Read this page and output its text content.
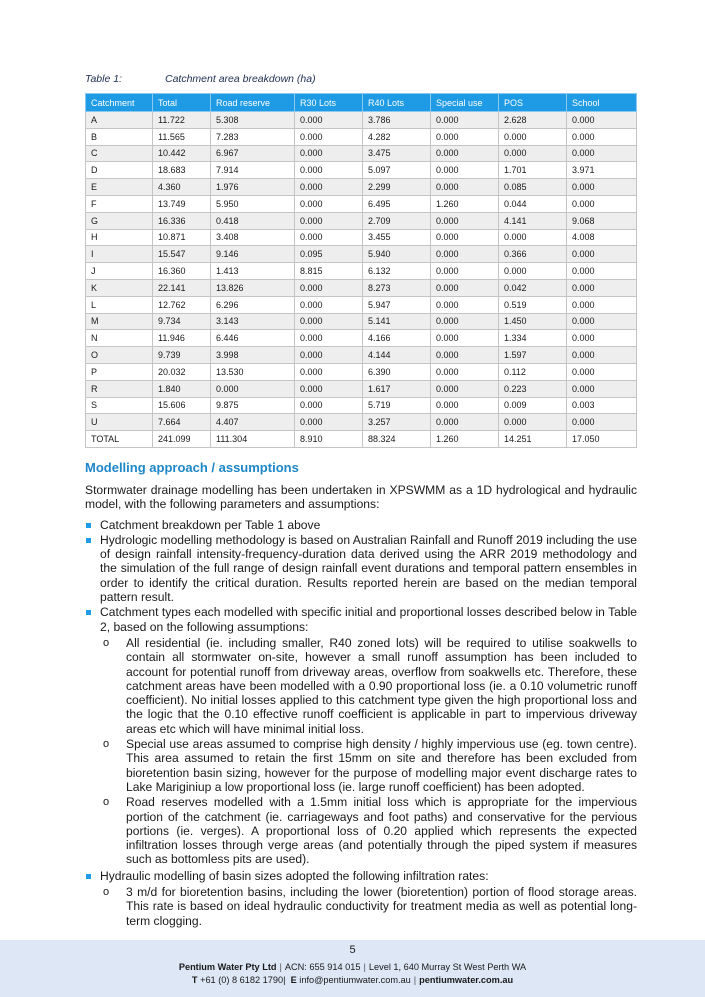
Table 1:	Catchment area breakdown (ha)
Catchment	Total	Road reserve	R30 Lots	R40 Lots	Special use	POS	School
A	11.722	5.308	0.000	3.786	0.000	2.628	0.000
B	11.565	7.283	0.000	4.282	0.000	0.000	0.000
C	10.442	6.967	0.000	3.475	0.000	0.000	0.000
D	18.683	7.914	0.000	5.097	0.000	1.701	3.971
E	4.360	1.976	0.000	2.299	0.000	0.085	0.000
F	13.749	5.950	0.000	6.495	1.260	0.044	0.000
G	16.336	0.418	0.000	2.709	0.000	4.141	9.068
H	10.871	3.408	0.000	3.455	0.000	0.000	4.008
I	15.547	9.146	0.095	5.940	0.000	0.366	0.000
J	16.360	1.413	8.815	6.132	0.000	0.000	0.000
K	22.141	13.826	0.000	8.273	0.000	0.042	0.000
L	12.762	6.296	0.000	5.947	0.000	0.519	0.000
M	9.734	3.143	0.000	5.141	0.000	1.450	0.000
N	11.946	6.446	0.000	4.166	0.000	1.334	0.000
O	9.739	3.998	0.000	4.144	0.000	1.597	0.000
P	20.032	13.530	0.000	6.390	0.000	0.112	0.000
R	1.840	0.000	0.000	1.617	0.000	0.223	0.000
S	15.606	9.875	0.000	5.719	0.000	0.009	0.003
U	7.664	4.407	0.000	3.257	0.000	0.000	0.000
TOTAL	241.099	111.304	8.910	88.324	1.260	14.251	17.050
Modelling approach / assumptions

Stormwater drainage modelling has been undertaken in XPSWMM as a 1D hydrological and hydraulic model, with the following parameters and assumptions:

Catchment breakdown per Table 1 above
Hydrologic modelling methodology is based on Australian Rainfall and Runoff 2019 including the use of design rainfall intensity-frequency-duration data derived using the ARR 2019 methodology and the simulation of the full range of design rainfall event durations and temporal pattern ensembles in order to identify the critical duration. Results reported herein are based on the median temporal pattern result.
Catchment types each modelled with specific initial and proportional losses described below in Table 2, based on the following assumptions:
o All residential (ie. including smaller, R40 zoned lots) will be required to utilise soakwells to contain all stormwater on-site, however a small runoff assumption has been included to account for potential runoff from driveway areas, overflow from soakwells etc. Therefore, these catchment areas have been modelled with a 0.90 proportional loss (ie. a 0.10 volumetric runoff coefficient). No initial losses applied to this catchment type given the high proportional loss and the logic that the 0.10 effective runoff coefficient is applicable in part to impervious driveway areas etc which will have minimal initial loss.
o Special use areas assumed to comprise high density / highly impervious use (eg. town centre). This area assumed to retain the first 15mm on site and therefore has been excluded from bioretention basin sizing, however for the purpose of modelling major event discharge rates to Lake Mariginiup a low proportional loss (ie. large runoff coefficient) has been adopted.
o Road reserves modelled with a 1.5mm initial loss which is appropriate for the impervious portion of the catchment (ie. carriageways and foot paths) and conservative for the pervious portions (ie. verges). A proportional loss of 0.20 applied which represents the expected infiltration losses through verge areas (and potentially through the piped system if measures such as bottomless pits are used).
Hydraulic modelling of basin sizes adopted the following infiltration rates:
o 3 m/d for bioretention basins, including the lower (bioretention) portion of flood storage areas. This rate is based on ideal hydraulic conductivity for treatment media as well as potential long-term clogging.
5
Pentium Water Pty Ltd | ACN: 655 914 015 | Level 1, 640 Murray St West Perth WA
T +61 (0) 8 6182 1790| E info@pentiumwater.com.au | pentiumwater.com.au
